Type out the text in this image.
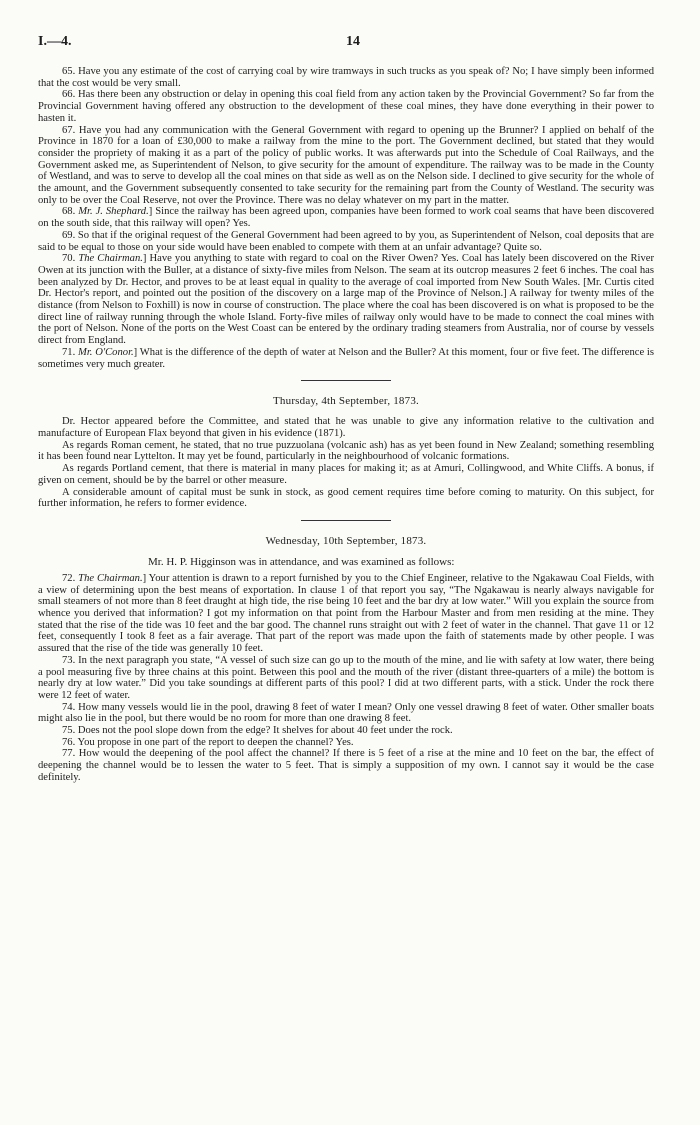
I.—4.	14

65. Have you any estimate of the cost of carrying coal by wire tramways in such trucks as you speak of? No; I have simply been informed that the cost would be very small.

66. Has there been any obstruction or delay in opening this coal field from any action taken by the Provincial Government? So far from the Provincial Government having offered any obstruction to the development of these coal mines, they have done everything in their power to hasten it.

67. Have you had any communication with the General Government with regard to opening up the Brunner? I applied on behalf of the Province in 1870 for a loan of £30,000 to make a railway from the mine to the port. The Government declined, but stated that they would consider the propriety of making it as a part of the policy of public works. It was afterwards put into the Schedule of Coal Railways, and the Government asked me, as Superintendent of Nelson, to give security for the amount of expenditure. The railway was to be made in the County of Westland, and was to serve to develop all the coal mines on that side as well as on the Nelson side. I declined to give security for the whole of the amount, and the Government subsequently consented to take security for the remaining part from the County of Westland. The security was only to be over the Coal Reserve, not over the Province. There was no delay whatever on my part in the matter.

68. Mr. J. Shephard.] Since the railway has been agreed upon, companies have been formed to work coal seams that have been discovered on the south side, that this railway will open? Yes.

69. So that if the original request of the General Government had been agreed to by you, as Superintendent of Nelson, coal deposits that are said to be equal to those on your side would have been enabled to compete with them at an unfair advantage? Quite so.

70. The Chairman.] Have you anything to state with regard to coal on the River Owen? Yes. Coal has lately been discovered on the River Owen at its junction with the Buller, at a distance of sixty-five miles from Nelson. The seam at its outcrop measures 2 feet 6 inches. The coal has been analyzed by Dr. Hector, and proves to be at least equal in quality to the average of coal imported from New South Wales. [Mr. Curtis cited Dr. Hector's report, and pointed out the position of the discovery on a large map of the Province of Nelson.] A railway for twenty miles of the distance (from Nelson to Foxhill) is now in course of construction. The place where the coal has been discovered is on what is proposed to be the direct line of railway running through the whole Island. Forty-five miles of railway only would have to be made to connect the coal mines with the port of Nelson. None of the ports on the West Coast can be entered by the ordinary trading steamers from Australia, nor of course by vessels direct from England.

71. Mr. O'Conor.] What is the difference of the depth of water at Nelson and the Buller? At this moment, four or five feet. The difference is sometimes very much greater.

Thursday, 4th September, 1873.

Dr. Hector appeared before the Committee, and stated that he was unable to give any information relative to the cultivation and manufacture of European Flax beyond that given in his evidence (1871).

As regards Roman cement, he stated, that no true puzzuolana (volcanic ash) has as yet been found in New Zealand; something resembling it has been found near Lyttelton. It may yet be found, particularly in the neighbourhood of volcanic formations.

As regards Portland cement, that there is material in many places for making it; as at Amuri, Collingwood, and White Cliffs. A bonus, if given on cement, should be by the barrel or other measure.

A considerable amount of capital must be sunk in stock, as good cement requires time before coming to maturity. On this subject, for further information, he refers to former evidence.

Wednesday, 10th September, 1873.
Mr. H. P. Higginson was in attendance, and was examined as follows:

72. The Chairman.] Your attention is drawn to a report furnished by you to the Chief Engineer, relative to the Ngakawau Coal Fields, with a view of determining upon the best means of exportation. In clause 1 of that report you say, “The Ngakawau is nearly always navigable for small steamers of not more than 8 feet draught at high tide, the rise being 10 feet and the bar dry at low water.” Will you explain the source from whence you derived that information? I got my information on that point from the Harbour Master and from men residing at the mine. They stated that the rise of the tide was 10 feet and the bar good. The channel runs straight out with 2 feet of water in the channel. That gave 11 or 12 feet, consequently I took 8 feet as a fair average. That part of the report was made upon the faith of statements made by other people. I was assured that the rise of the tide was generally 10 feet.

73. In the next paragraph you state, “A vessel of such size can go up to the mouth of the mine, and lie with safety at low water, there being a pool measuring five by three chains at this point. Between this pool and the mouth of the river (distant three-quarters of a mile) the bottom is nearly dry at low water.” Did you take soundings at different parts of this pool? I did at two different parts, with a stick. Under the rock there were 12 feet of water.

74. How many vessels would lie in the pool, drawing 8 feet of water I mean? Only one vessel drawing 8 feet of water. Other smaller boats might also lie in the pool, but there would be no room for more than one drawing 8 feet.

75. Does not the pool slope down from the edge? It shelves for about 40 feet under the rock.

76. You propose in one part of the report to deepen the channel? Yes.

77. How would the deepening of the pool affect the channel? If there is 5 feet of a rise at the mine and 10 feet on the bar, the effect of deepening the channel would be to lessen the water to 5 feet. That is simply a supposition of my own. I cannot say it would be the case definitely.
